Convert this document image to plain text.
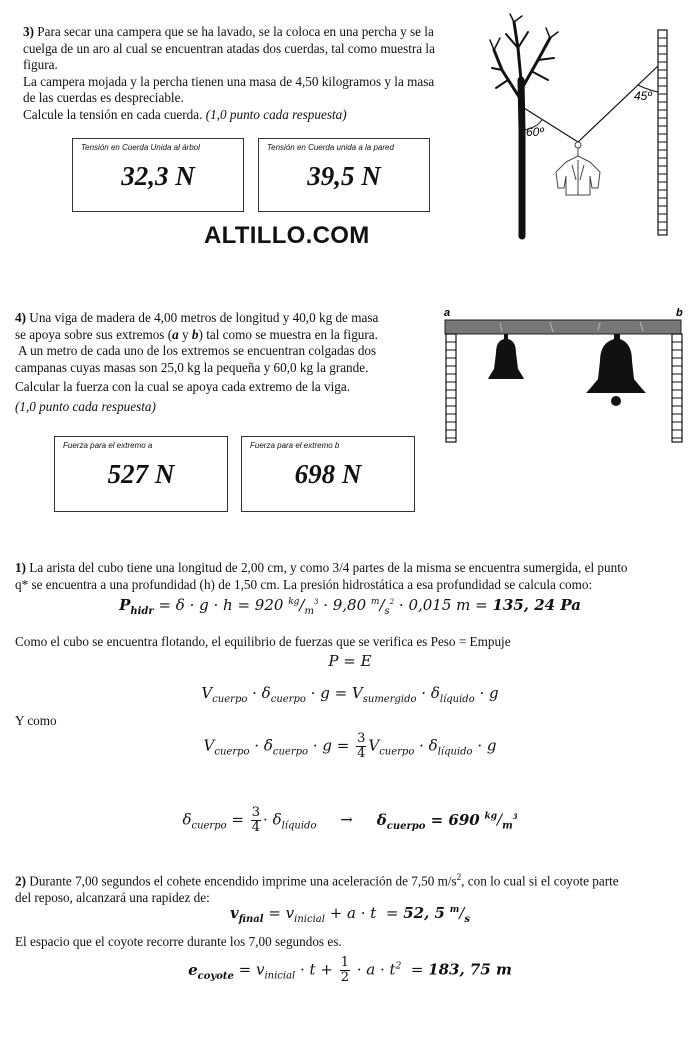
3) Para secar una campera que se ha lavado, se la coloca en una percha y se la
cuelga de un aro al cual se encuentran atadas dos cuerdas, tal como muestra la
figura.
La campera mojada y la percha tienen una masa de 4,50 kilogramos y la masa
de las cuerdas es despreciable.
Calcule la tensión en cada cuerda. (1,0 punto cada respuesta)
60º
45º
Tensión en Cuerda Unida al árbol
32,3 N
Tensión en Cuerda unida a la pared
39,5 N
ALTILLO.COM
4) Una viga de madera de 4,00 metros de longitud y 40,0 kg de masa
se apoya sobre sus extremos (a y b) tal como se muestra en la figura.
A un metro de cada uno de los extremos se encuentran colgadas dos
campanas cuyas masas son 25,0 kg la pequeña y 60,0 kg la grande.
Calcular la fuerza con la cual se apoya cada extremo de la viga.
(1,0 punto cada respuesta)
a	b
Fuerza para el extremo a
527 N
Fuerza para el extremo b
698 N
1) La arista del cubo tiene una longitud de 2,00 cm, y como 3/4 partes de la misma se encuentra sumergida, el punto
q* se encuentra a una profundidad (h) de 1,50 cm. La presión hidrostática a esa profundidad se calcula como:
$P_{hidr} = \delta \cdot g \cdot h = 920$ $^{kg}/_m^3 \cdot 9,80$ $^m/_s^2 \cdot 0,015$ m = 135, 24 Pa
Como el cubo se encuentra flotando, el equilibrio de fuerzas que se verifica es Peso = Empuje
P = E
$V_{cuerpo} \cdot \delta_{cuerpo} \cdot g = V_{sumergido} \cdot \delta_{líquido} \cdot g$
Y como
$V_{cuerpo} \cdot \delta_{cuerpo} \cdot g = \frac{3}{4} V_{cuerpo} \cdot \delta_{líquido} \cdot g$
$\delta_{cuerpo} = \frac{3}{4} \cdot \delta_{líquido}$     →     $\delta_{cuerpo} = 690$ $^{kg}/_m^3$
2) Durante 7,00 segundos el cohete encendido imprime una aceleración de 7,50 $m/s^2$, con lo cual si el coyote parte
del reposo, alcanzará una rapidez de:
$v_{final} = v_{inicial} + a \cdot t = 52$, 5 $^m/_s$
El espacio que el coyote recorre durante los 7,00 segundos es.
$e_{coyote} = v_{inicial} \cdot t + \frac{1}{2} \cdot a \cdot t^2 = 183$, 75 m
